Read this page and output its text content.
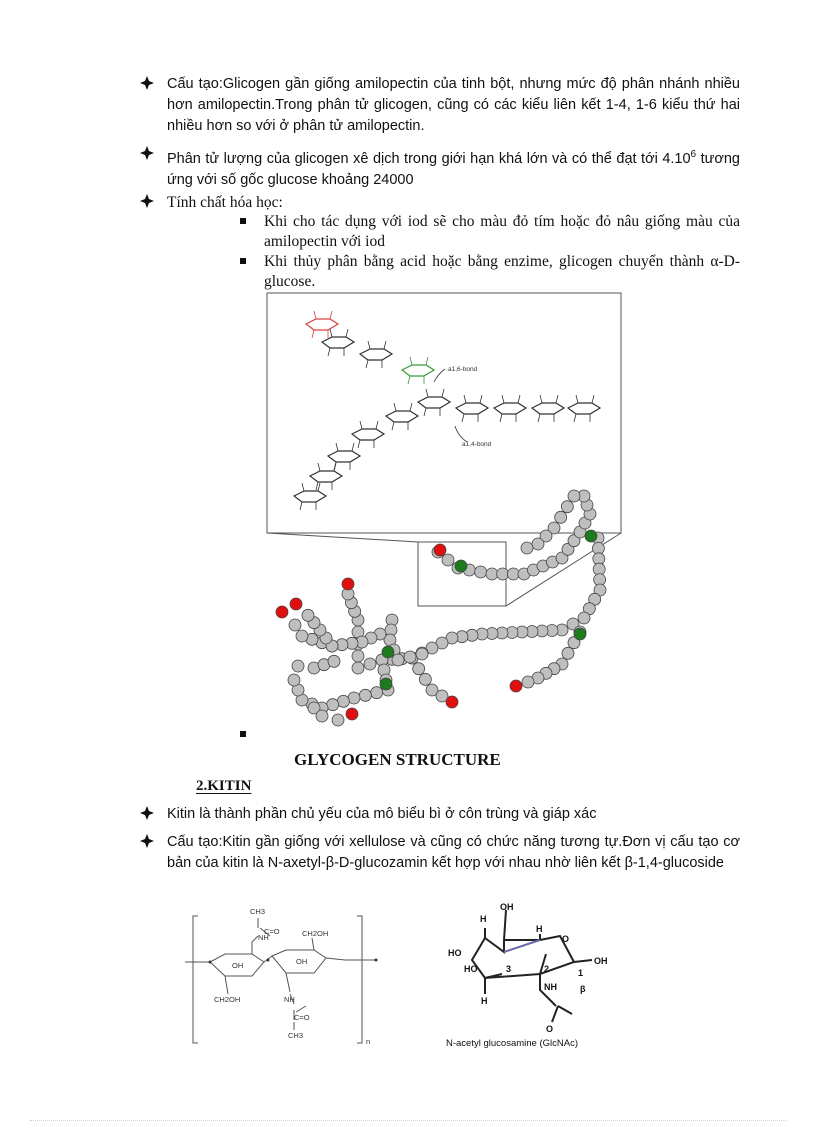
Cấu tạo:Glicogen gần giống amilopectin của tinh bột, nhưng mức độ phân nhánh nhiều hơn amilopectin.Trong phân tử glicogen, cũng có các kiểu liên kết 1-4, 1-6 kiểu thứ hai nhiều hơn so với ở phân tử amilopectin.
Phân tử lượng của glicogen xê dịch trong giới hạn khá lớn và có thể đạt tới 4.10$^6$ tương ứng với số gốc glucose khoảng 24000
Tính chất hóa học:
Khi cho tác dụng với iod sẽ cho màu đỏ tím hoặc đỏ nâu giống màu của amilopectin với iod
Khi thủy phân bằng acid hoặc bằng enzime, glicogen chuyển thành α-D-glucose.
a1,6-bond
a1,4-bond
GLYCOGEN STRUCTURE
2.KITIN
Kitin là thành phần chủ yếu của mô biểu bì ở côn trùng và giáp xác
Cấu tạo:Kitin gần giống với xellulose và cũng có chức năng tương tự.Đơn vị cấu tạo cơ bản của kitin là N-axetyl-β-D-glucozamin kết hợp với nhau nhờ liên kết β-1,4-glucoside
CH3
NH
C=O	CH2OH
OH	OH
CH2OH	NH
C=O
CH3
n
H
OH
HO
HO	3	2
O
1
β
OH
H
H
NH
O
N-acetyl glucosamine (GlcNAc)
